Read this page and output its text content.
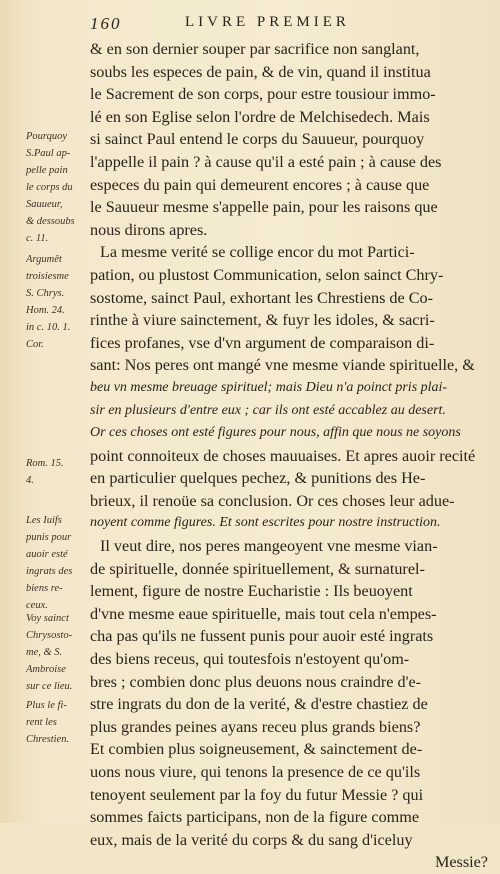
160	LIVRE PREMIER
& en son dernier souper par sacrifice non sanglant,
soubs les especes de pain, & de vin, quand il institua
le Sacrement de son corps, pour estre tousiour immo-
lé en son Eglise selon l'ordre de Melchisedech. Mais
si sainct Paul entend le corps du Sauueur, pourquoy
l'appelle il pain ? à cause qu'il a esté pain ; à cause des
especes du pain qui demeurent encores ; à cause que
le Sauueur mesme s'appelle pain, pour les raisons que
nous dirons apres.
La mesme verité se collige encor du mot Partici-
pation, ou plustost Communication, selon sainct Chry-
sostome, sainct Paul, exhortant les Chrestiens de Co-
rinthe à viure sainctement, & fuyr les idoles, & sacri-
fices profanes, vse d'vn argument de comparaison di-
sant: Nos peres ont mangé vne mesme viande spirituelle, &
beu vn mesme breuage spirituel; mais Dieu n'a poinct pris plai-
sir en plusieurs d'entre eux ; car ils ont esté accablez au desert.
Or ces choses ont esté figures pour nous, affin que nous ne soyons
point connoiteux de choses mauuaises. Et apres auoir recité
en particulier quelques pechez, & punitions des He-
brieux, il renoüe sa conclusion. Or ces choses leur adue-
noyent comme figures. Et sont escrites pour nostre instruction.
Il veut dire, nos peres mangeoyent vne mesme vian-
de spirituelle, donnée spirituellement, & surnaturel-
lement, figure de nostre Eucharistie : Ils beuoyent
d'vne mesme eaue spirituelle, mais tout cela n'empes-
cha pas qu'ils ne fussent punis pour auoir esté ingrats
des biens receus, qui toutesfois n'estoyent qu'om-
bres ; combien donc plus deuons nous craindre d'e-
stre ingrats du don de la verité, & d'estre chastiez de
plus grandes peines ayans receu plus grands biens?
Et combien plus soigneusement, & sainctement de-
uons nous viure, qui tenons la presence de ce qu'ils
tenoyent seulement par la foy du futur Messie ? qui
sommes faicts participans, non de la figure comme
eux, mais de la verité du corps & du sang d'iceluy
Messie?
Pourquoy
S.Paul ap-
pelle pain
le corps du
Sauueur,
& dessoubs
c. 11.
Argumēt
troisiesme
S. Chrys.
Hom. 24.
in c. 10. 1.
Cor.
Rom. 15.
4.
Les Iuifs
punis pour
auoir esté
ingrats des
biens re-
ceux.
Voy sainct
Chrysosto-
me, & S.
Ambroise
sur ce lieu.
Plus le fi-
rent les
Chrestien.
